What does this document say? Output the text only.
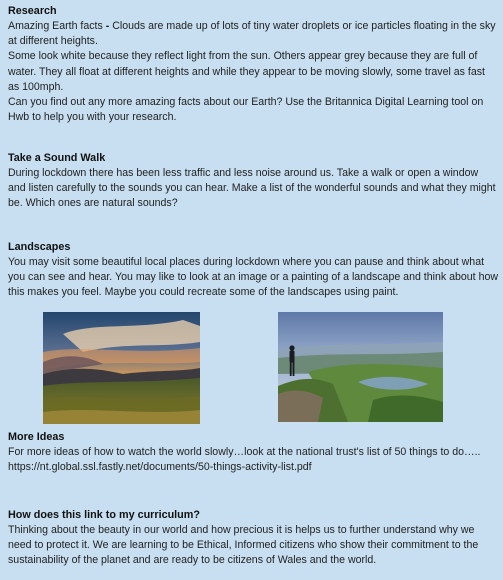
Research

Amazing Earth facts - Clouds are made up of lots of tiny water droplets or ice particles floating in the sky at different heights.

Some look white because they reflect light from the sun. Others appear grey because they are full of water. They all float at different heights and while they appear to be moving slowly, some travel as fast as 100mph.

Can you find out any more amazing facts about our Earth? Use the Britannica Digital Learning tool on Hwb to help you with your research.

Take a Sound Walk

During lockdown there has been less traffic and less noise around us. Take a walk or open a window and listen carefully to the sounds you can hear. Make a list of the wonderful sounds and what they might be. Which ones are natural sounds?

Landscapes

You may visit some beautiful local places during lockdown where you can pause and think about what you can see and hear. You may like to look at an image or a painting of a landscape and think about how this makes you feel. Maybe you could recreate some of the landscapes using paint.

More Ideas

For more ideas of how to watch the world slowly…look at the national trust's list of 50 things to do…..

https://nt.global.ssl.fastly.net/documents/50-things-activity-list.pdf

How does this link to my curriculum?

Thinking about the beauty in our world and how precious it is helps us to further understand why we need to protect it. We are learning to be Ethical, Informed citizens who show their commitment to the sustainability of the planet and are ready to be citizens of Wales and the world.
